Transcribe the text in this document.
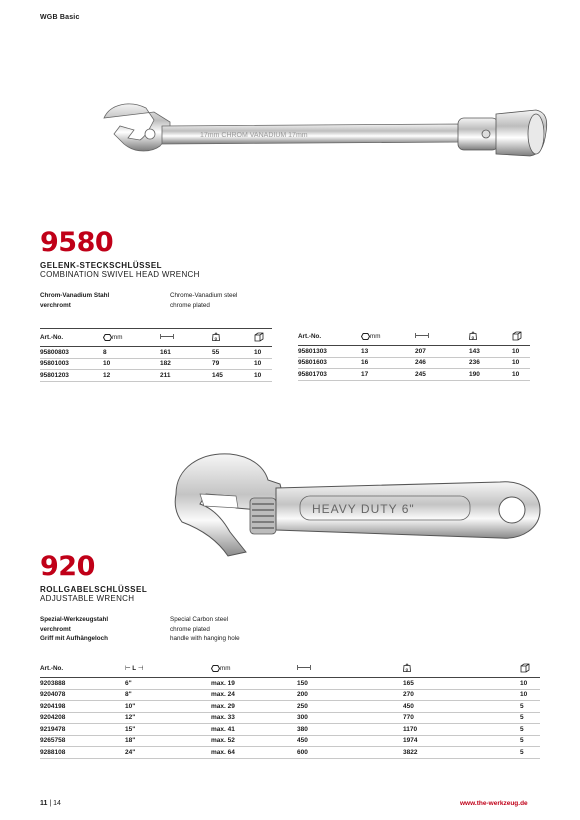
WGB Basic
17mm CHROM VANADIUM 17mm
9580
GELENK-STECKSCHLÜSSEL
COMBINATION SWIVEL HEAD WRENCH
Chrom-Vanadium Stahl
verchromt
Chrome-Vanadium steel
chrome plated
Art.-No.	mm		g

95800803	8	161	55	10
95801003	10	182	79	10
95801203	12	211	145	10
Art.-No.	mm		g

95801303	13	207	143	10
95801603	16	246	236	10
95801703	17	245	190	10
HEAVY DUTY 6"
920
ROLLGABELSCHLÜSSEL
ADJUSTABLE WRENCH
Spezial-Werkzeugstahl
verchromt
Griff mit Aufhängeloch
Special Carbon steel
chrome plated
handle with hanging hole
Art.-No.	⊢ L ⊣	mm		g

9203888	6"	max. 19	150	165	10
9204078	8"	max. 24	200	270	10
9204198	10"	max. 29	250	450	5
9204208	12"	max. 33	300	770	5
9219478	15"	max. 41	380	1170	5
9265758	18"	max. 52	450	1974	5
9288108	24"	max. 64	600	3822	5
11 | 14	www.the-werkzeug.de
